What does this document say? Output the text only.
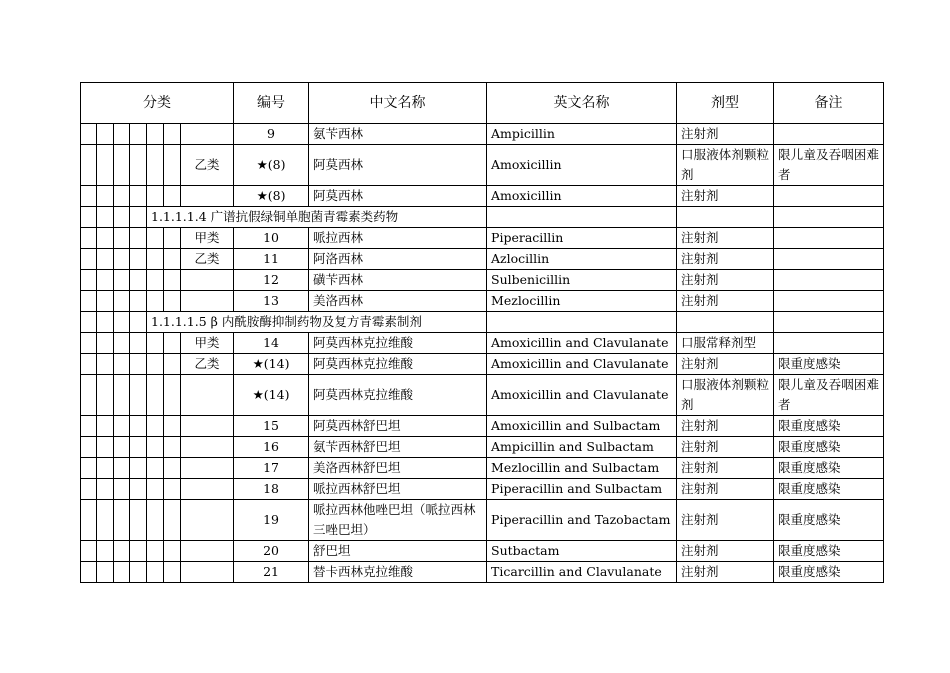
分类							编号	中文名称	英文名称	剂型	备注
							9	氨苄西林	Ampicillin	注射剂	
						乙类	★(8)	阿莫西林	Amoxicillin	口服液体剂颗粒剂	限儿童及吞咽困难者
							★(8)	阿莫西林	Amoxicillin	注射剂	
				1.1.1.1.4 广谱抗假绿铜单胞菌青霉素类药物							
						甲类	10	哌拉西林	Piperacillin	注射剂	
						乙类	11	阿洛西林	Azlocillin	注射剂	
							12	磺苄西林	Sulbenicillin	注射剂	
							13	美洛西林	Mezlocillin	注射剂	
				1.1.1.1.5 β 内酰胺酶抑制药物及复方青霉素制剂							
						甲类	14	阿莫西林克拉维酸	Amoxicillin and Clavulanate	口服常释剂型	
						乙类	★(14)	阿莫西林克拉维酸	Amoxicillin and Clavulanate	注射剂	限重度感染
							★(14)	阿莫西林克拉维酸	Amoxicillin and Clavulanate	口服液体剂颗粒剂	限儿童及吞咽困难者
							15	阿莫西林舒巴坦	Amoxicillin and Sulbactam	注射剂	限重度感染
							16	氨苄西林舒巴坦	Ampicillin and Sulbactam	注射剂	限重度感染
							17	美洛西林舒巴坦	Mezlocillin and Sulbactam	注射剂	限重度感染
							18	哌拉西林舒巴坦	Piperacillin and Sulbactam	注射剂	限重度感染
							19	哌拉西林他唑巴坦（哌拉西林三唑巴坦）	Piperacillin and Tazobactam	注射剂	限重度感染
							20	舒巴坦	Sutbactam	注射剂	限重度感染
							21	替卡西林克拉维酸	Ticarcillin and Clavulanate	注射剂	限重度感染
